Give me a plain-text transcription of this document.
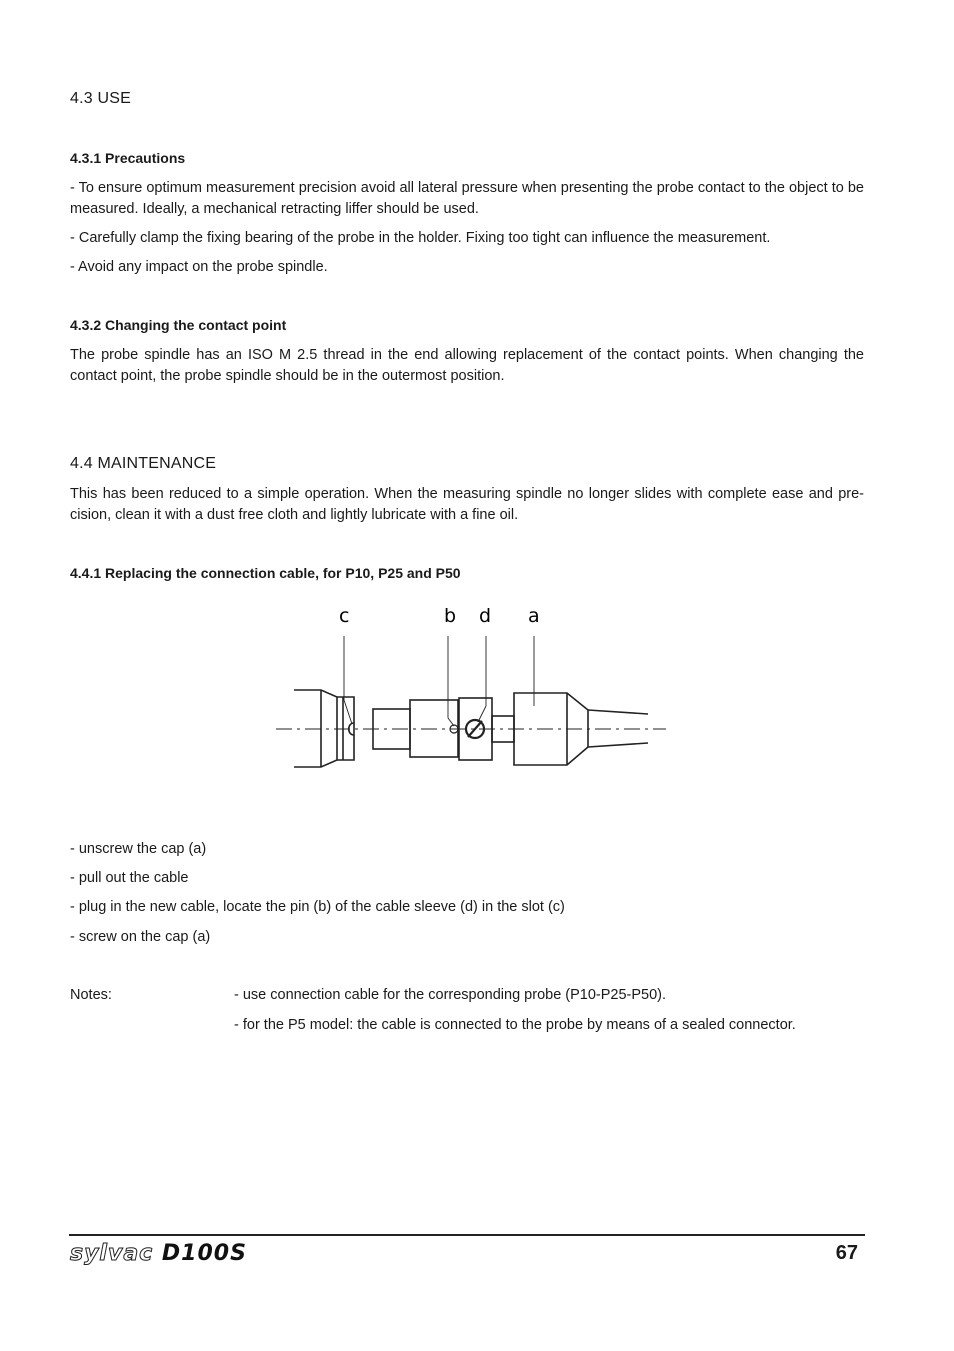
4.3 USE
4.3.1 Precautions
- To ensure optimum measurement precision avoid all lateral pressure when presenting the probe contact to the object to be measured. Ideally, a mechanical retracting liffer should be used.
- Carefully clamp the fixing bearing of the probe in the holder. Fixing too tight can influence the measurement.
- Avoid any impact on the probe spindle.
4.3.2 Changing the contact point
The probe spindle has an ISO M 2.5 thread in the end allowing replacement of the contact points. When changing the contact point, the probe spindle should be in the outermost position.
4.4 MAINTENANCE
This has been reduced to a simple operation. When the measuring spindle no longer slides with complete ease and pre-cision, clean it with a dust free cloth and lightly lubricate with a fine oil.
4.4.1 Replacing the connection cable, for P10, P25 and P50
c	b d a
- unscrew the cap (a)
- pull out the cable
- plug in the new cable, locate the pin (b) of the cable sleeve (d) in the slot (c)
- screw on the cap (a)
Notes:	- use connection cable for the corresponding probe (P10-P25-P50).
- for the P5 model: the cable is connected to the probe by means of a sealed connector.
sylvac D100S	67
